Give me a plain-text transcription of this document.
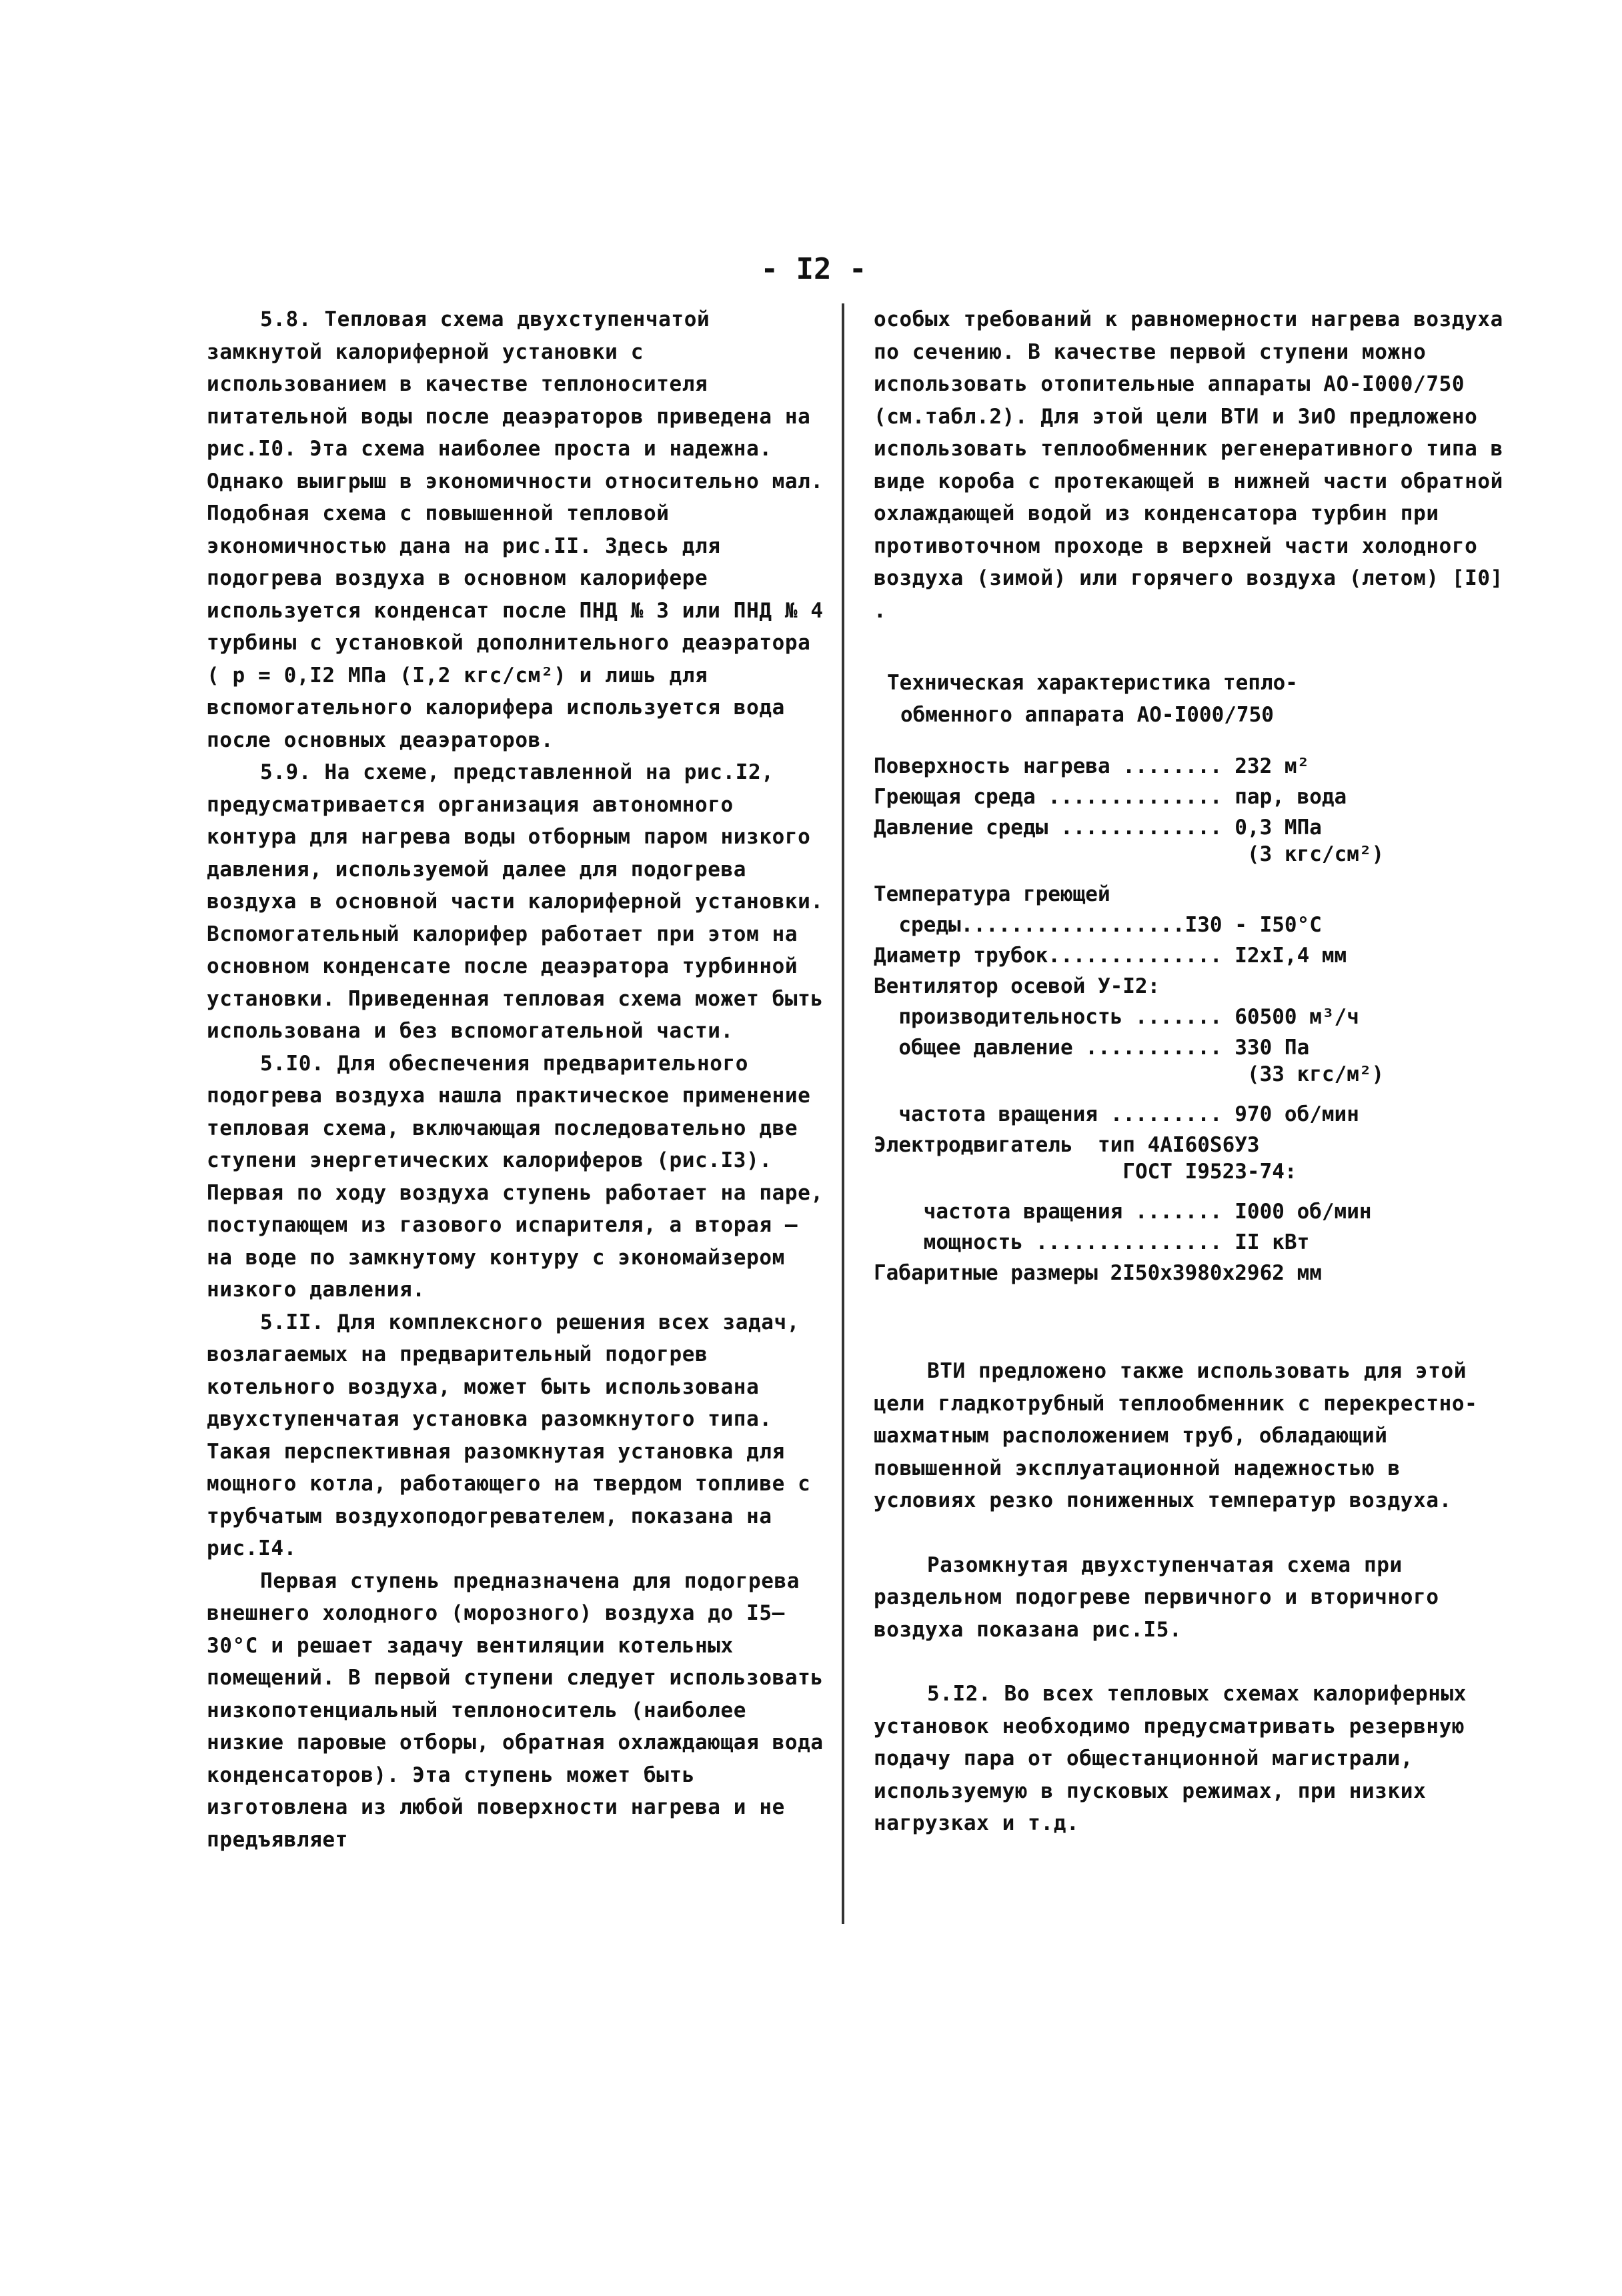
- I2 -

5.8. Тепловая схема двухступенчатой замкнутой калориферной установки с использованием в качестве теплоносителя питательной воды после деаэраторов приведена на рис.I0. Эта схема наиболее проста и надежна. Однако выигрыш в экономичности относительно мал. Подобная схема с повышенной тепловой экономичностью дана на рис.II. Здесь для подогрева воздуха в основном калорифере используется конденсат после ПНД № 3 или ПНД № 4 турбины с установкой дополнительного деаэратора ( р = 0,I2 МПа (I,2 кгс/см²) и лишь для вспомогательного калорифера используется вода после основных деаэраторов.

5.9. На схеме, представленной на рис.I2, предусматривается организация автономного контура для нагрева воды отборным паром низкого давления, используемой далее для подогрева воздуха в основной части калориферной установки. Вспомогательный калорифер работает при этом на основном конденсате после деаэратора турбинной установки. Приведенная тепловая схема может быть использована и без вспомогательной части.

5.I0. Для обеспечения предварительного подогрева воздуха нашла практическое применение тепловая схема, включающая последовательно две ступени энергетических калориферов (рис.I3). Первая по ходу воздуха ступень работает на паре, поступающем из газового испарителя, а вторая – на воде по замкнутому контуру с экономайзером низкого давления.

5.II. Для комплексного решения всех задач, возлагаемых на предварительный подогрев котельного воздуха, может быть использована двухступенчатая установка разомкнутого типа. Такая перспективная разомкнутая установка для мощного котла, работающего на твердом топливе с трубчатым воздухоподогревателем, показана на рис.I4.

Первая ступень предназначена для подогрева внешнего холодного (морозного) воздуха до I5–30°С и решает задачу вентиляции котельных помещений. В первой ступени следует использовать низкопотенциальный теплоноситель (наиболее низкие паровые отборы, обратная охлаждающая вода конденсаторов). Эта ступень может быть изготовлена из любой поверхности нагрева и не предъявляет

особых требований к равномерности нагрева воздуха по сечению. В качестве первой ступени можно использовать отопительные аппараты АО-I000/750 (см.табл.2). Для этой цели ВТИ и ЗиО предложено использовать теплообменник регенеративного типа в виде короба с протекающей в нижней части обратной охлаждающей водой из конденсатора турбин при противоточном проходе в верхней части холодного воздуха (зимой) или горячего воздуха (летом) [I0] .

Техническая характеристика тепло-

обменного аппарата АО-I000/750

Поверхность нагрева ........ 232 м²
Греющая среда .............. пар, вода
Давление среды ............. 0,3 МПа

(3 кгс/см²)
Температура греющей
среды.................. I30 - I50°С
Диаметр трубок.............. I2хI,4 мм
Вентилятор осевой У-I2:
производительность ....... 60500 м³/ч
общее давление ........... 330 Па

(33 кгс/м²)
частота вращения ......... 970 об/мин
Электродвигатель тип 4AI60S6У3

ГОСТ I9523-74:
частота вращения ....... I000 об/мин
мощность ............... II кВт
Габаритные размеры 2I50х3980х2962 мм

ВТИ предложено также использовать для этой цели гладкотрубный теплообменник с перекрестно-шахматным расположением труб, обладающий повышенной эксплуатационной надежностью в условиях резко пониженных температур воздуха.

Разомкнутая двухступенчатая схема при раздельном подогреве первичного и вторичного воздуха показана рис.I5.

5.I2. Во всех тепловых схемах калориферных установок необходимо предусматривать резервную подачу пара от общестанционной магистрали, используемую в пусковых режимах, при низких нагрузках и т.д.
